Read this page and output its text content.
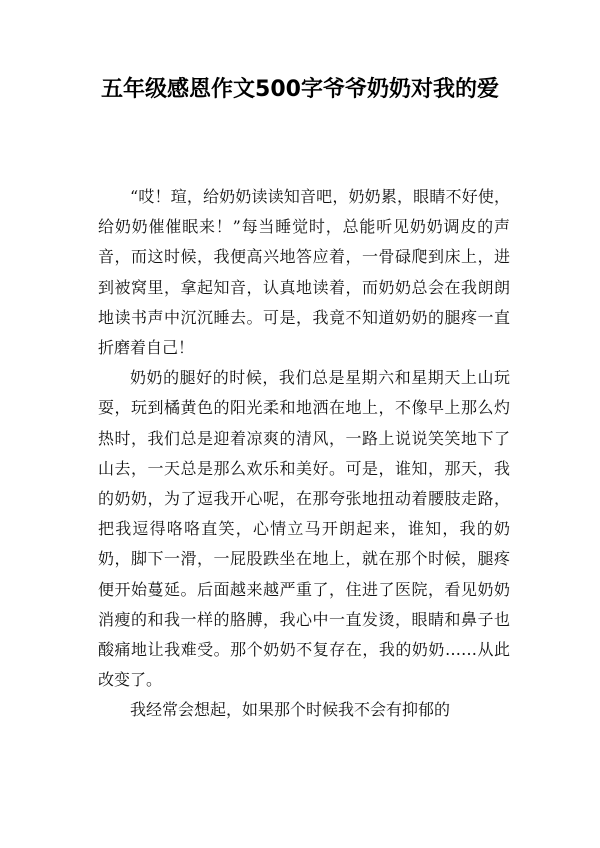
五年级感恩作文500字爷爷奶奶对我的爱

“哎！瑄，给奶奶读读知音吧，奶奶累，眼睛不好使，给奶奶催催眠来！”每当睡觉时，总能听见奶奶调皮的声音，而这时候，我便高兴地答应着，一骨碌爬到床上，进到被窝里，拿起知音，认真地读着，而奶奶总会在我朗朗地读书声中沉沉睡去。可是，我竟不知道奶奶的腿疼一直折磨着自己！

奶奶的腿好的时候，我们总是星期六和星期天上山玩耍，玩到橘黄色的阳光柔和地洒在地上，不像早上那么灼热时，我们总是迎着凉爽的清风，一路上说说笑笑地下了山去，一天总是那么欢乐和美好。可是，谁知，那天，我的奶奶，为了逗我开心呢，在那夸张地扭动着腰肢走路，把我逗得咯咯直笑，心情立马开朗起来，谁知，我的奶奶，脚下一滑，一屁股跌坐在地上，就在那个时候，腿疼便开始蔓延。后面越来越严重了，住进了医院，看见奶奶消瘦的和我一样的胳膊，我心中一直发烫，眼睛和鼻子也酸痛地让我难受。那个奶奶不复存在，我的奶奶……从此改变了。

我经常会想起，如果那个时候我不会有抑郁的
